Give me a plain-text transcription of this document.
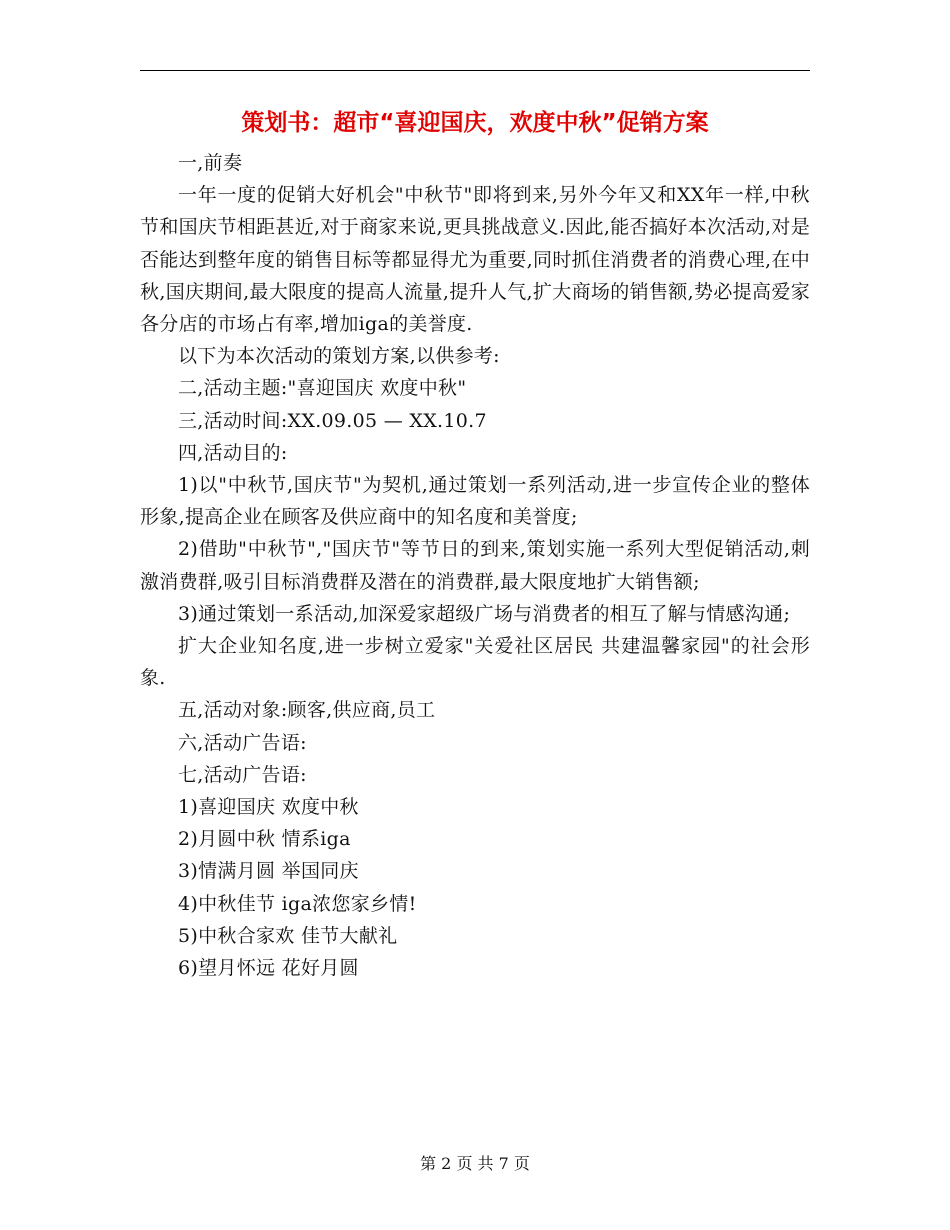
策划书：超市“喜迎国庆，欢度中秋”促销方案

一,前奏

一年一度的促销大好机会"中秋节"即将到来,另外今年又和XX年一样,中秋节和国庆节相距甚近,对于商家来说,更具挑战意义.因此,能否搞好本次活动,对是否能达到整年度的销售目标等都显得尤为重要,同时抓住消费者的消费心理,在中秋,国庆期间,最大限度的提高人流量,提升人气,扩大商场的销售额,势必提高爱家各分店的市场占有率,增加iga的美誉度.

以下为本次活动的策划方案,以供参考:

二,活动主题:"喜迎国庆 欢度中秋"

三,活动时间:XX.09.05 — XX.10.7

四,活动目的:

1)以"中秋节,国庆节"为契机,通过策划一系列活动,进一步宣传企业的整体形象,提高企业在顾客及供应商中的知名度和美誉度;

2)借助"中秋节","国庆节"等节日的到来,策划实施一系列大型促销活动,刺激消费群,吸引目标消费群及潜在的消费群,最大限度地扩大销售额;

3)通过策划一系活动,加深爱家超级广场与消费者的相互了解与情感沟通;

扩大企业知名度,进一步树立爱家"关爱社区居民 共建温馨家园"的社会形象.

五,活动对象:顾客,供应商,员工

六,活动广告语:

七,活动广告语:

1)喜迎国庆 欢度中秋

2)月圆中秋 情系iga

3)情满月圆 举国同庆

4)中秋佳节 iga浓您家乡情!

5)中秋合家欢 佳节大献礼

6)望月怀远 花好月圆

第 2 页 共 7 页
